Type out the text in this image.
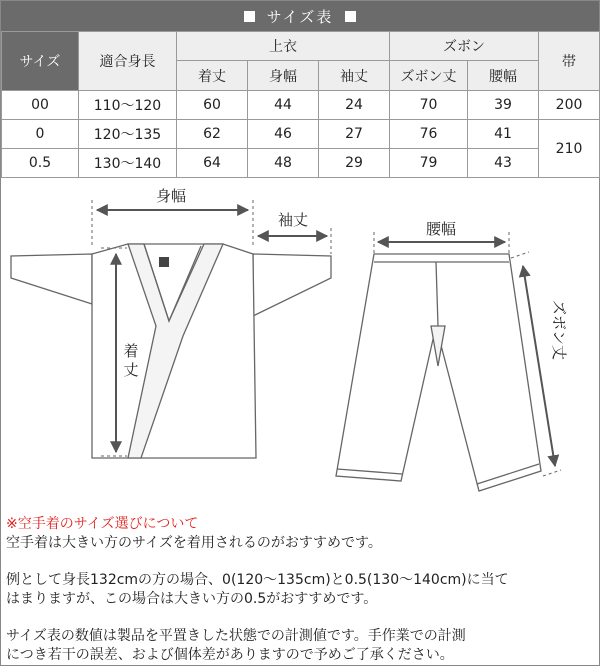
サイズ表
サイズ	適合身長	上衣			ズボン		帯
		着丈	身幅	袖丈	ズボン丈	腰幅	
00	110〜120	60	44	24	70	39	200
0	120〜135	62	46	27	76	41	210
0.5	130〜140	64	48	29	79	43	
身幅
袖丈
着
丈
腰幅
ズボン丈

※空手着のサイズ選びについて

空手着は大きい方のサイズを着用されるのがおすすめです。

例として身長132cmの方の場合、0(120〜135cm)と0.5(130〜140cm)に当て

はまりますが、この場合は大きい方の0.5がおすすめです。

サイズ表の数値は製品を平置きした状態での計測値です。手作業での計測

につき若干の誤差、および個体差がありますので予めご了承ください。
